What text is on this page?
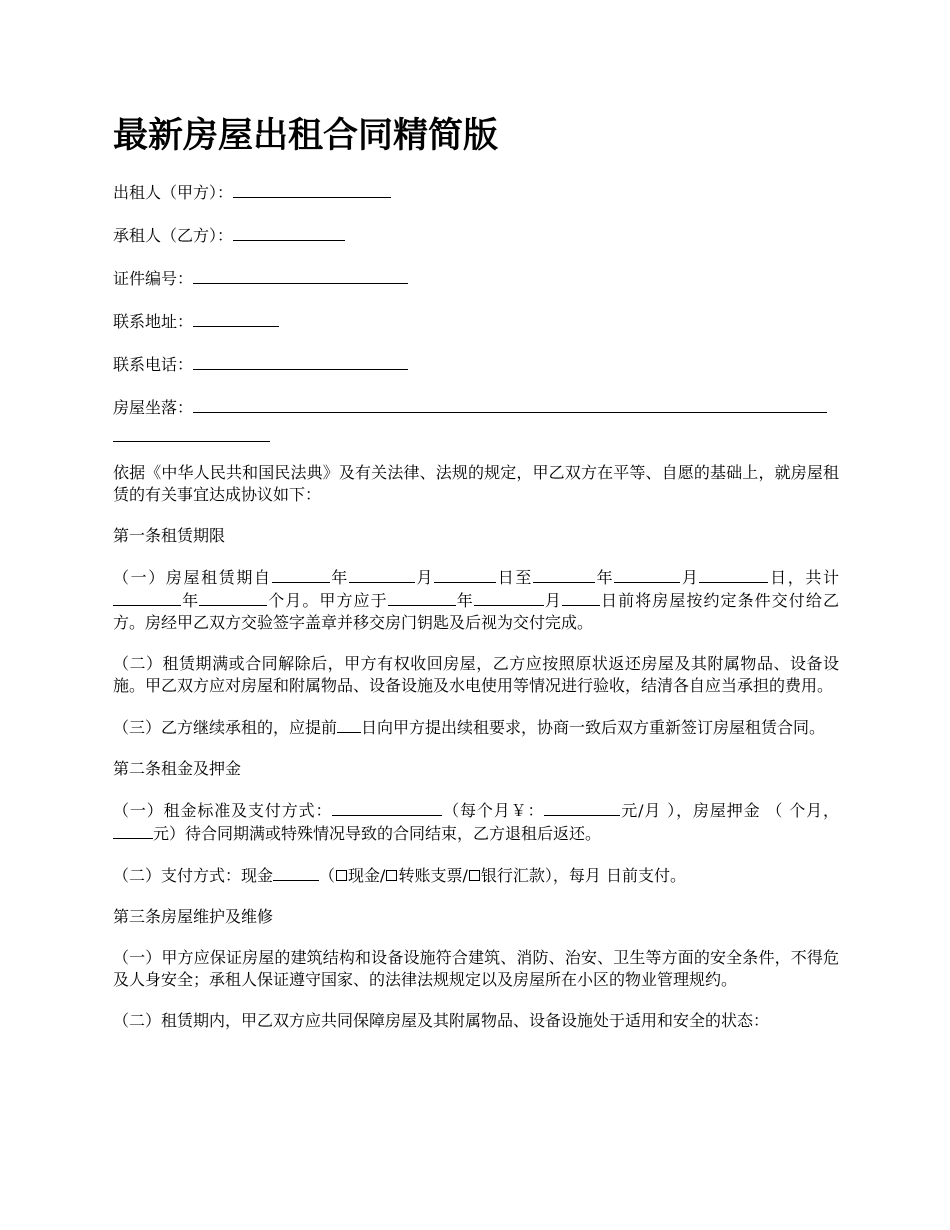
最新房屋出租合同精简版
出租人（甲方）：
承租人（乙方）：
证件编号：
联系地址：
联系电话：
房屋坐落：

依据《中华人民共和国民法典》及有关法律、法规的规定，甲乙双方在平等、自愿的基础上，就房屋租赁的有关事宜达成协议如下：

第一条租赁期限

（一）房屋租赁期自	年	月	日至	年	月	日，共计年	个月。甲方应于	年	月 日前将房屋按约定条件交付给乙方。房经甲乙双方交验签字盖章并移交房门钥匙及后视为交付完成。

（二）租赁期满或合同解除后，甲方有权收回房屋，乙方应按照原状返还房屋及其附属物品、设备设施。甲乙双方应对房屋和附属物品、设备设施及水电使用等情况进行验收，结清各自应当承担的费用。

（三）乙方继续承租的，应提前 日向甲方提出续租要求，协商一致后双方重新签订房屋租赁合同。

第二条租金及押金

（一）租金标准及支付方式：	（每个月￥：	元/月 ），房屋押金 （ 个月，元）待合同期满或特殊情况导致的合同结束，乙方退租后返还。

（二）支付方式：现金	（ 现金/ 转账支票/ 银行汇款），每月 日前支付。

第三条房屋维护及维修

（一）甲方应保证房屋的建筑结构和设备设施符合建筑、消防、治安、卫生等方面的安全条件，不得危及人身安全；承租人保证遵守国家、的法律法规规定以及房屋所在小区的物业管理规约。

（二）租赁期内，甲乙双方应共同保障房屋及其附属物品、设备设施处于适用和安全的状态：
